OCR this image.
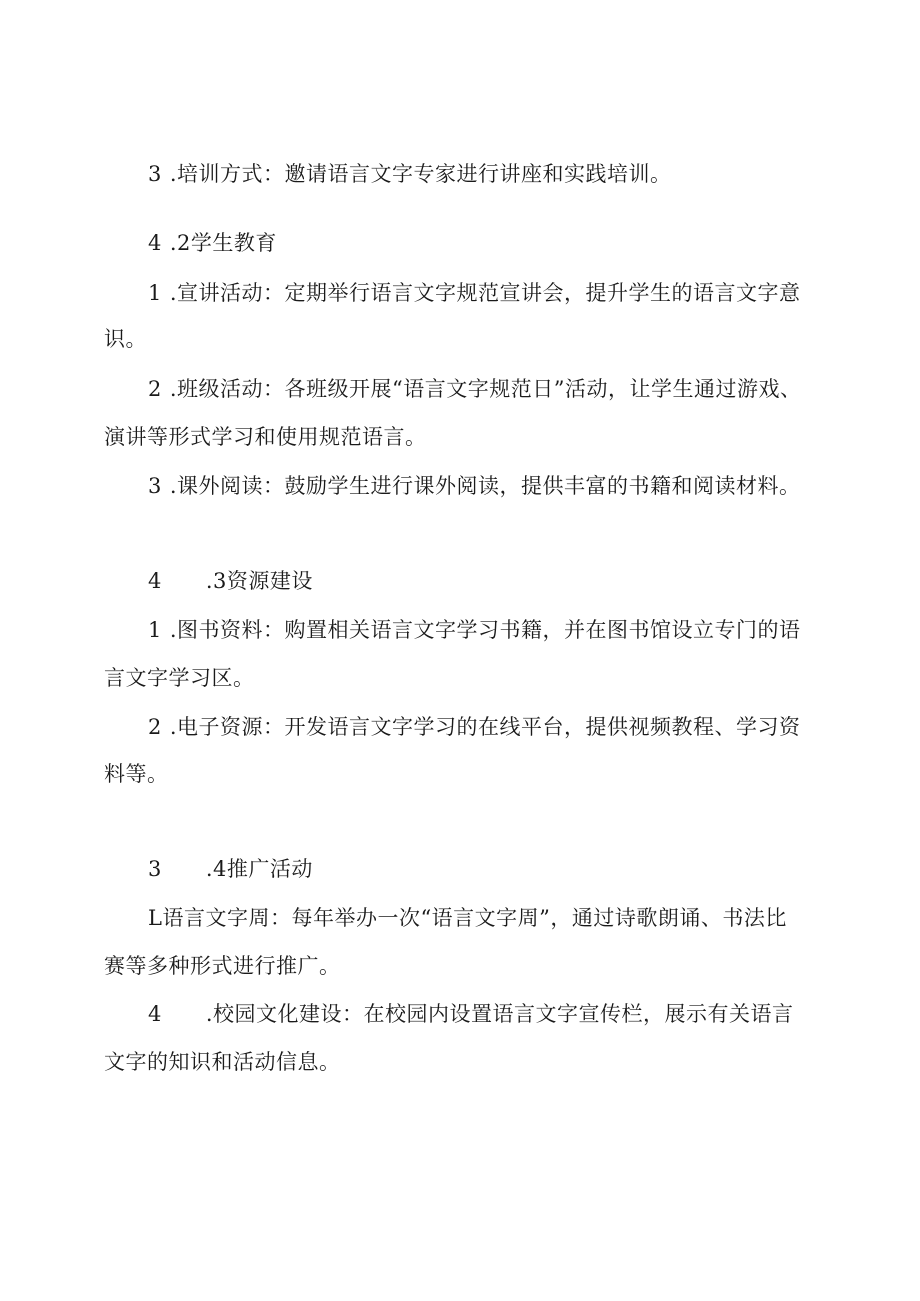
3 .培训方式：邀请语言文字专家进行讲座和实践培训。
4 .2学生教育
1 .宣讲活动：定期举行语言文字规范宣讲会，提升学生的语言文字意
识。
2 .班级活动：各班级开展“语言文字规范日”活动，让学生通过游戏、
演讲等形式学习和使用规范语言。
3 .课外阅读：鼓励学生进行课外阅读，提供丰富的书籍和阅读材料。
4 .3资源建设
1 .图书资料：购置相关语言文字学习书籍，并在图书馆设立专门的语
言文字学习区。
2 .电子资源：开发语言文字学习的在线平台，提供视频教程、学习资
料等。
3 .4推广活动
L语言文字周：每年举办一次“语言文字周”，通过诗歌朗诵、书法比
赛等多种形式进行推广。
4 .校园文化建设：在校园内设置语言文字宣传栏，展示有关语言
文字的知识和活动信息。
